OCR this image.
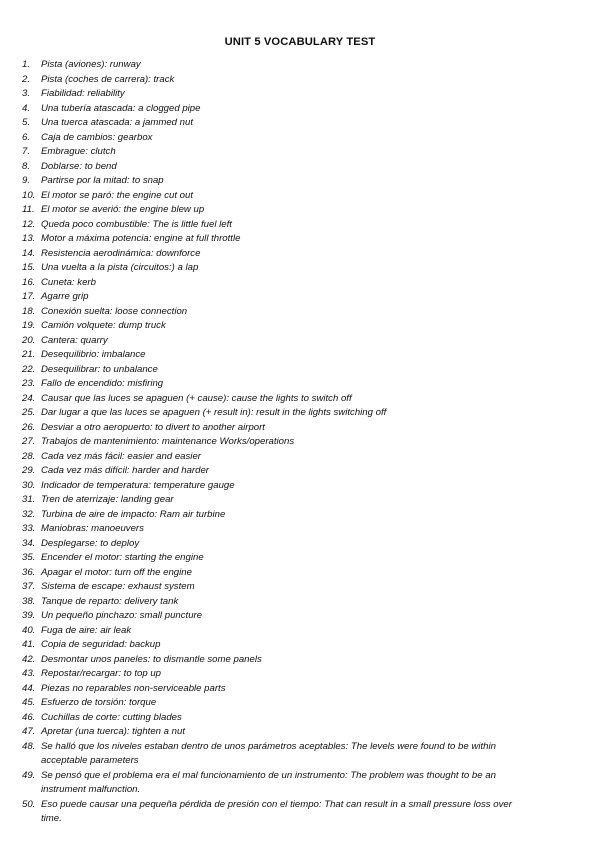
UNIT 5 VOCABULARY TEST
1.	Pista (aviones): runway
2.	Pista (coches de carrera): track
3.	Fiabilidad: reliability
4.	Una tubería atascada: a clogged pipe
5.	Una tuerca atascada: a jammed nut
6.	Caja de cambios: gearbox
7.	Embrague: clutch
8.	Doblarse: to bend
9.	Partirse por la mitad: to snap
10. El motor se paró: the engine cut out
11. El motor se averió: the engine blew up
12. Queda poco combustible: The is little fuel left
13. Motor a máxima potencia: engine at full throttle
14. Resistencia aerodinámica: downforce
15. Una vuelta a la pista (circuitos:) a lap
16. Cuneta: kerb
17. Agarre grip
18. Conexión suelta: loose connection
19. Camión volquete: dump truck
20. Cantera: quarry
21. Desequilibrio: imbalance
22. Desequilibrar: to unbalance
23. Fallo de encendido: misfiring
24. Causar que las luces se apaguen (+ cause): cause the lights to switch off
25. Dar lugar a que las luces se apaguen (+ result in): result in the lights switching off
26. Desviar a otro aeropuerto: to divert to another airport
27. Trabajos de mantenimiento: maintenance Works/operations
28. Cada vez más fácil: easier and easier
29. Cada vez más difícil: harder and harder
30. Indicador de temperatura: temperature gauge
31. Tren de aterrizaje: landing gear
32. Turbina de aire de impacto: Ram air turbine
33. Maniobras: manoeuvers
34. Desplegarse: to deploy
35. Encender el motor: starting the engine
36. Apagar el motor: turn off the engine
37. Sistema de escape: exhaust system
38. Tanque de reparto: delivery tank
39. Un pequeño pinchazo: small puncture
40. Fuga de aire: air leak
41. Copia de seguridad: backup
42. Desmontar unos paneles: to dismantle some panels
43. Repostar/recargar: to top up
44. Piezas no reparables non-serviceable parts
45. Esfuerzo de torsión: torque
46. Cuchillas de corte: cutting blades
47. Apretar (una tuerca): tighten a nut
48. Se halló que los niveles estaban dentro de unos parámetros aceptables: The levels were found to be within acceptable parameters
49. Se pensó que el problema era el mal funcionamiento de un instrumento: The problem was thought to be an instrument malfunction.
50. Eso puede causar una pequeña pérdida de presión con el tiempo: That can result in a small pressure loss over time.
